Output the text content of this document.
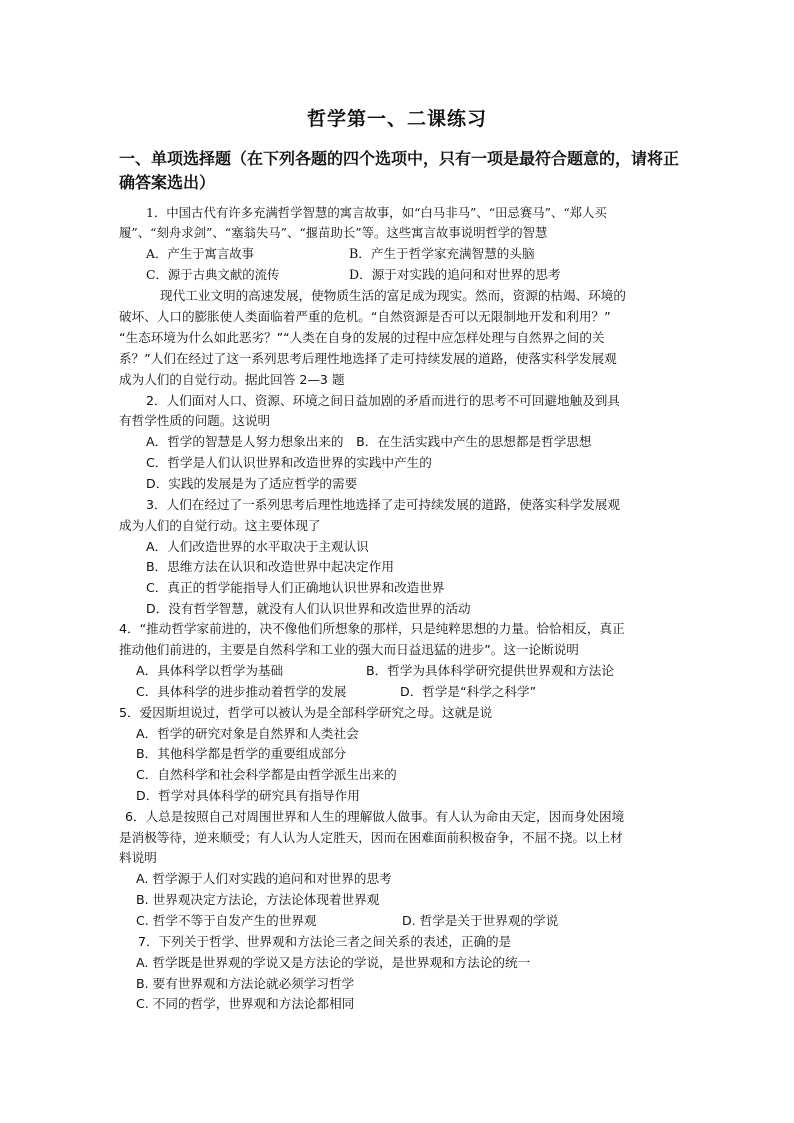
哲学第一、二课练习
一、单项选择题（在下列各题的四个选项中，只有一项是最符合题意的，请将正确答案选出）
1．中国古代有许多充满哲学智慧的寓言故事，如“白马非马”、“田忌赛马”、“郑人买
履”、“刻舟求剑”、“塞翁失马”、“揠苗助长”等。这些寓言故事说明哲学的智慧
A．产生于寓言故事	B．产生于哲学家充满智慧的头脑
C．源于古典文献的流传	D．源于对实践的追问和对世界的思考
现代工业文明的高速发展，使物质生活的富足成为现实。然而，资源的枯竭、环境的
破坏、人口的膨胀使人类面临着严重的危机。“自然资源是否可以无限制地开发和利用？”
“生态环境为什么如此恶劣？”“人类在自身的发展的过程中应怎样处理与自然界之间的关
系？”人们在经过了这一系列思考后理性地选择了走可持续发展的道路，使落实科学发展观
成为人们的自觉行动。据此回答 2—3 题
2．人们面对人口、资源、环境之间日益加剧的矛盾而进行的思考不可回避地触及到具
有哲学性质的问题。这说明
A．哲学的智慧是人努力想象出来的　B．在生活实践中产生的思想都是哲学思想
C．哲学是人们认识世界和改造世界的实践中产生的
D．实践的发展是为了适应哲学的需要
3．人们在经过了一系列思考后理性地选择了走可持续发展的道路，使落实科学发展观
成为人们的自觉行动。这主要体现了
A．人们改造世界的水平取决于主观认识
B．思维方法在认识和改造世界中起决定作用
C．真正的哲学能指导人们正确地认识世界和改造世界
D．没有哲学智慧，就没有人们认识世界和改造世界的活动
4．“推动哲学家前进的，决不像他们所想象的那样，只是纯粹思想的力量。恰恰相反，真正
推动他们前进的，主要是自然科学和工业的强大而日益迅猛的进步”。这一论断说明
A．具体科学以哲学为基础	B．哲学为具体科学研究提供世界观和方法论
C．具体科学的进步推动着哲学的发展	D．哲学是“科学之科学”
5．爱因斯坦说过，哲学可以被认为是全部科学研究之母。这就是说
A．哲学的研究对象是自然界和人类社会
B．其他科学都是哲学的重要组成部分
C．自然科学和社会科学都是由哲学派生出来的
D．哲学对具体科学的研究具有指导作用
6．人总是按照自己对周围世界和人生的理解做人做事。有人认为命由天定，因而身处困境
是消极等待，逆来顺受；有人认为人定胜天，因而在困难面前积极奋争，不屈不挠。以上材
料说明
A. 哲学源于人们对实践的追问和对世界的思考
B. 世界观决定方法论，方法论体现着世界观
C. 哲学不等于自发产生的世界观	D. 哲学是关于世界观的学说
7．下列关于哲学、世界观和方法论三者之间关系的表述，正确的是
A. 哲学既是世界观的学说又是方法论的学说，是世界观和方法论的统一
B. 要有世界观和方法论就必须学习哲学
C. 不同的哲学，世界观和方法论都相同
